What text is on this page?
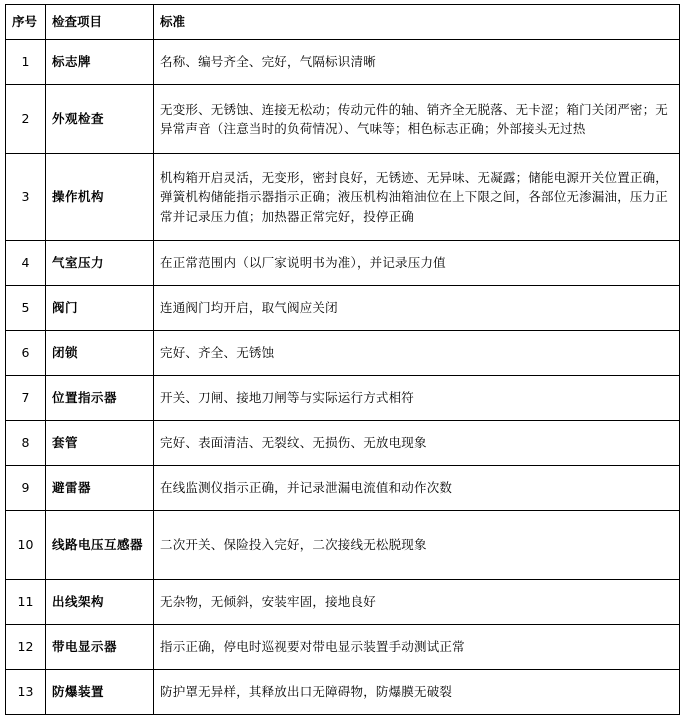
序号	检查项目	标准
1	标志牌	名称、编号齐全、完好，气隔标识清晰
2	外观检查	无变形、无锈蚀、连接无松动；传动元件的轴、销齐全无脱落、无卡涩；箱门关闭严密；无异常声音（注意当时的负荷情况）、气味等；相色标志正确；外部接头无过热
3	操作机构	机构箱开启灵活，无变形，密封良好，无锈迹、无异味、无凝露；储能电源开关位置正确，弹簧机构储能指示器指示正确；液压机构油箱油位在上下限之间，各部位无渗漏油，压力正常并记录压力值；加热器正常完好，投停正确
4	气室压力	在正常范围内（以厂家说明书为准），并记录压力值
5	阀门	连通阀门均开启，取气阀应关闭
6	闭锁	完好、齐全、无锈蚀
7	位置指示器	开关、刀闸、接地刀闸等与实际运行方式相符
8	套管	完好、表面清洁、无裂纹、无损伤、无放电现象
9	避雷器	在线监测仪指示正确，并记录泄漏电流值和动作次数
10	线路电压互感器	二次开关、保险投入完好，二次接线无松脱现象
11	出线架构	无杂物，无倾斜，安装牢固，接地良好
12	带电显示器	指示正确，停电时巡视要对带电显示装置手动测试正常
13	防爆装置	防护罩无异样，其释放出口无障碍物，防爆膜无破裂
